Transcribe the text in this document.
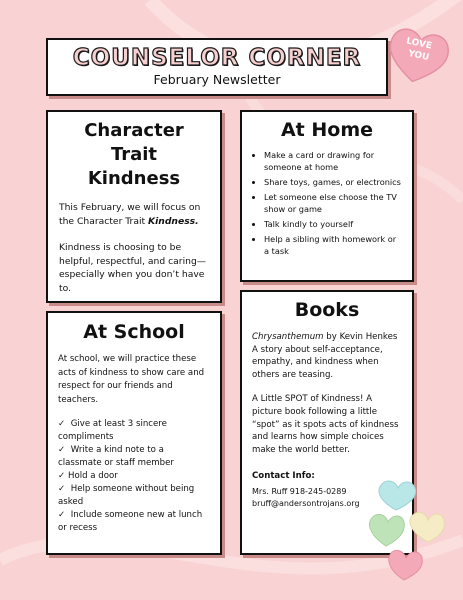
COUNSELOR CORNER
February Newsletter
LOVE
YOU
Character Trait
Kindness

This February, we will focus on the Character Trait Kindness.

Kindness is choosing to be helpful, respectful, and caring—especially when you don’t have to.

At Home
• Make a card or drawing for someone at home
• Share toys, games, or electronics
• Let someone else choose the TV show or game
• Talk kindly to yourself
• Help a sibling with homework or a task
At School

At school, we will practice these acts of kindness to show care and respect for our friends and teachers.

✓ Give at least 3 sincere compliments
✓ Write a kind note to a classmate or staff member
✓ Hold a door
✓ Help someone without being asked
✓ Include someone new at lunch or recess
Books

Chrysanthemum by Kevin Henkes
A story about self-acceptance, empathy, and kindness when others are teasing.

A Little SPOT of Kindness! A picture book following a little “spot” as it spots acts of kindness and learns how simple choices make the world better.

Contact Info:

Mrs. Ruff 918-245-0289
bruff@andersontrojans.org
